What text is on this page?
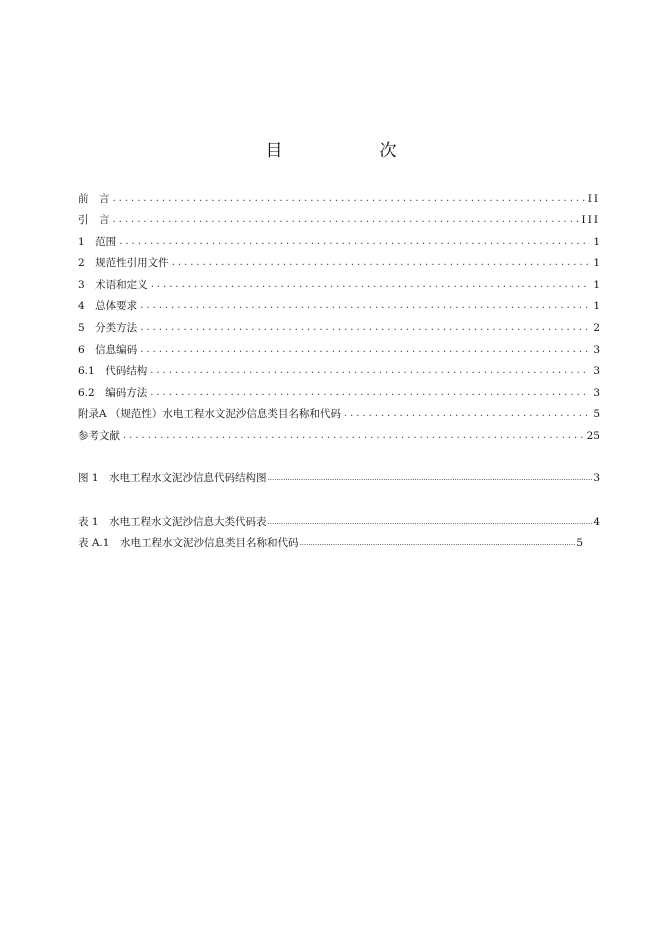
目　次
前　言 .....	II
引　言 .....	III
1　范围 .....	1
2　规范性引用文件 .....	1
3　术语和定义 .....	1
4　总体要求 .....	1
5　分类方法 .....	2
6　信息编码 .....	3
6.1　代码结构 .....	3
6.2　编码方法 .....	3
附录A （规范性）水电工程水文泥沙信息类目名称和代码 .....	5
参考文献 .....	25
图 1　水电工程水文泥沙信息代码结构图 .....	3
表 1　水电工程水文泥沙信息大类代码表 .....	4
表 A.1　水电工程水文泥沙信息类目名称和代码 .....	5
